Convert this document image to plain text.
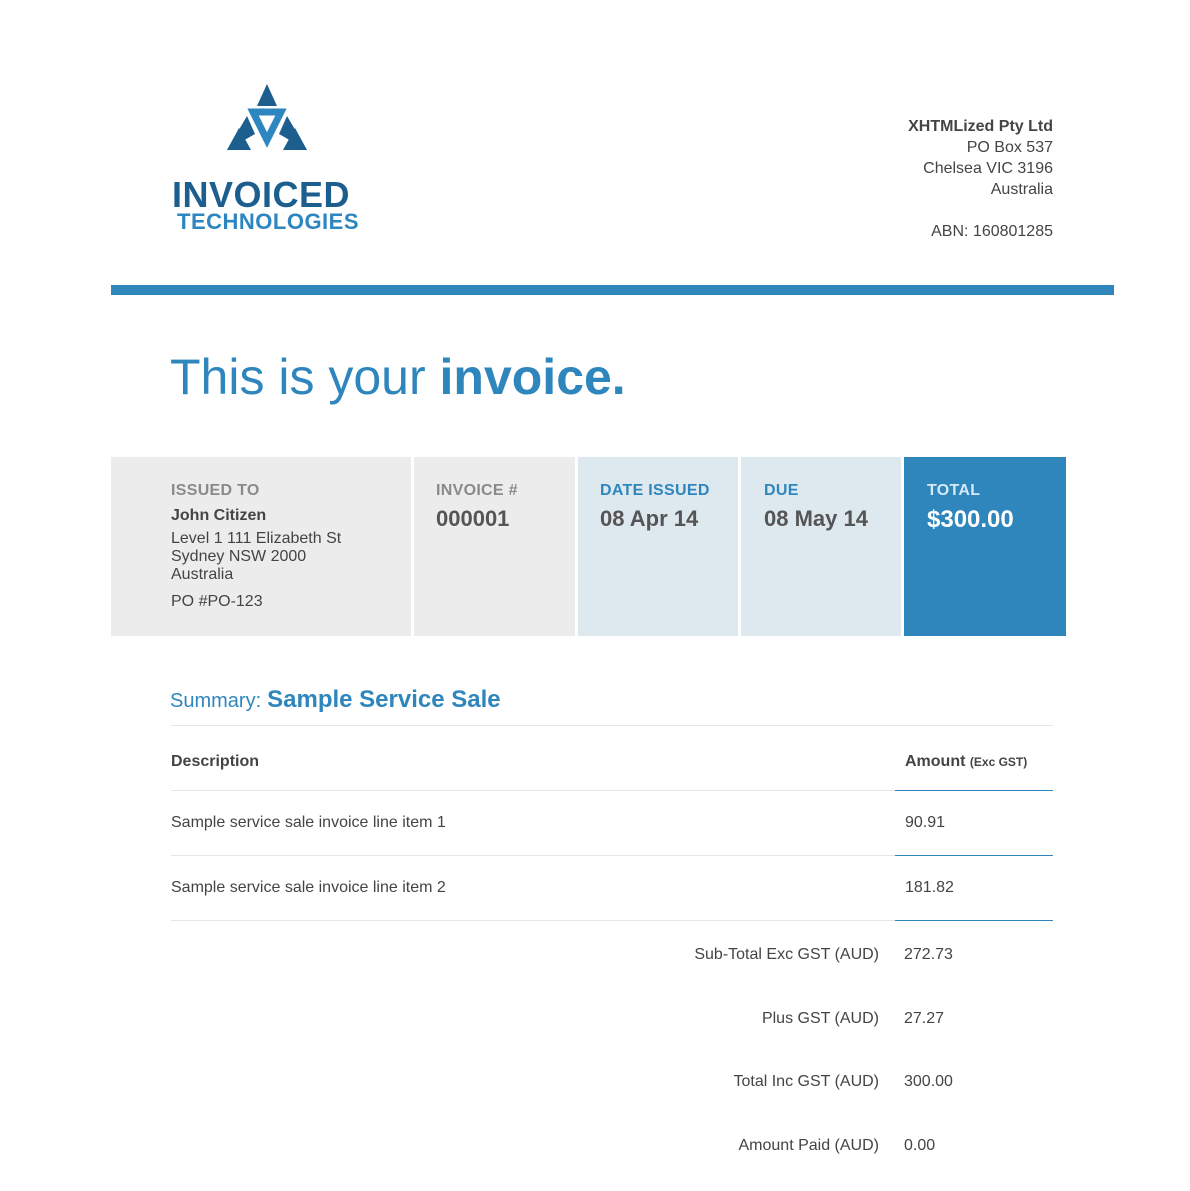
INVOICED
TECHNOLOGIES
XHTMLized Pty Ltd
PO Box 537
Chelsea VIC 3196
Australia
ABN: 160801285
This is your invoice.
ISSUED TO
John Citizen
Level 1 111 Elizabeth St
Sydney NSW 2000
Australia
PO #PO-123
INVOICE #
000001
DATE ISSUED
08 Apr 14
DUE
08 May 14
TOTAL
$300.00
Summary: Sample Service Sale
Description	Amount (Exc GST)
Sample service sale invoice line item 1	90.91
Sample service sale invoice line item 2	181.82
Sub-Total Exc GST (AUD) 272.73
Plus GST (AUD) 27.27
Total Inc GST (AUD) 300.00
Amount Paid (AUD) 0.00
